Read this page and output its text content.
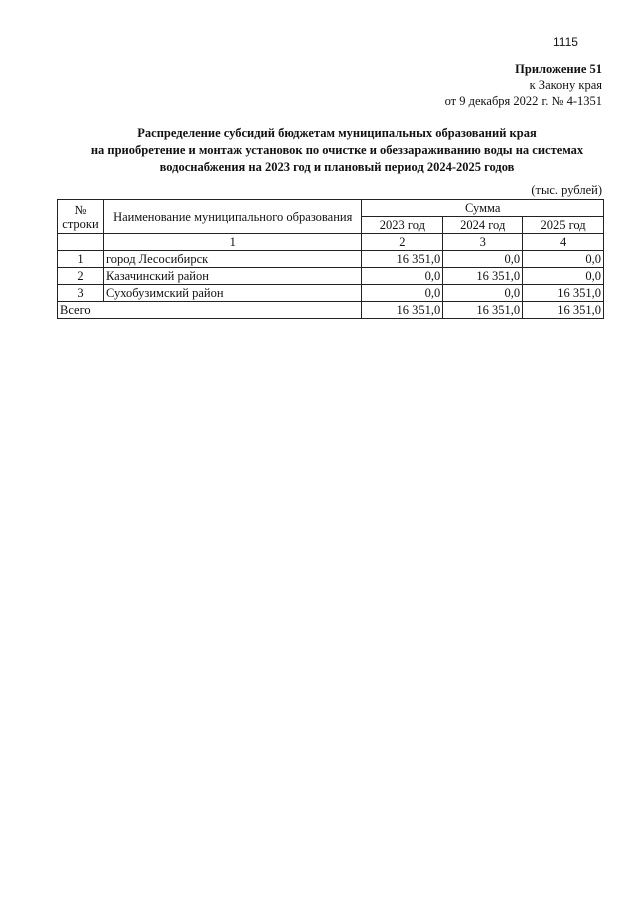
1115
Приложение 51
к Закону края
от 9 декабря 2022 г. № 4-1351
Распределение субсидий бюджетам муниципальных образований края
на приобретение и монтаж установок по очистке и обеззараживанию воды на системах
водоснабжения на 2023 год и плановый период 2024-2025 годов
(тыс. рублей)
№
строки	Наименование муниципального образования	Сумма		
		2023 год	2024 год	2025 год
	1	2	3	4
1	город Лесосибирск	16 351,0	0,0	0,0
2	Казачинский район	0,0	16 351,0	0,0
3	Сухобузимский район	0,0	0,0	16 351,0
Всего		16 351,0	16 351,0	16 351,0
